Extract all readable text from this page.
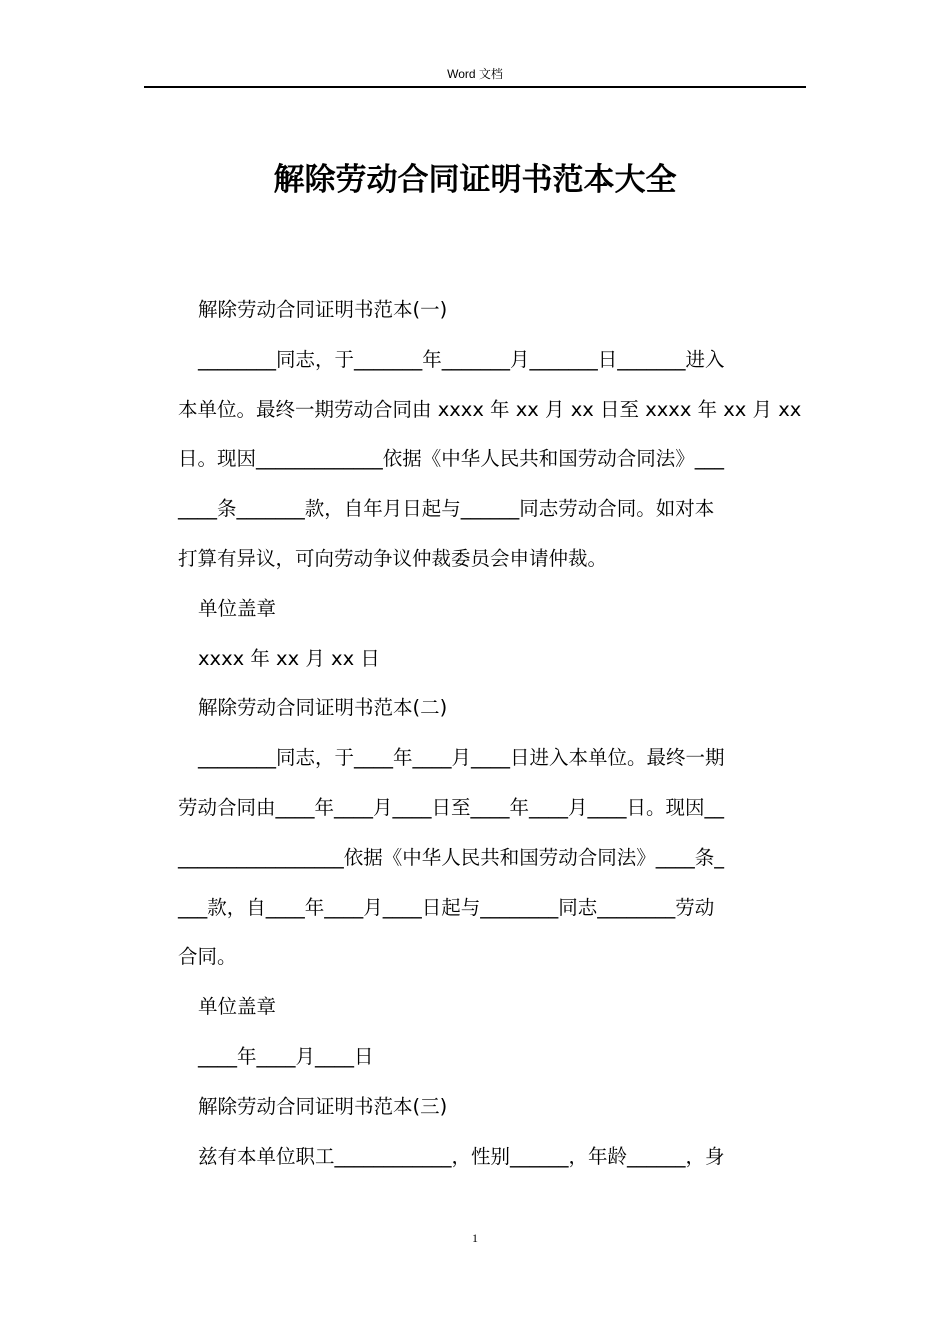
Word 文档
解除劳动合同证明书范本大全
解除劳动合同证明书范本(一)
________同志，于_______年_______月_______日_______进入
本单位。最终一期劳动合同由 xxxx 年 xx 月 xx 日至 xxxx 年 xx 月 xx
日。现因_____________依据《中华人民共和国劳动合同法》___
____条_______款，自年月日起与______同志劳动合同。如对本
打算有异议，可向劳动争议仲裁委员会申请仲裁。
单位盖章
xxxx 年 xx 月 xx 日
解除劳动合同证明书范本(二)
________同志，于____年____月____日进入本单位。最终一期
劳动合同由____年____月____日至____年____月____日。现因__
_________________依据《中华人民共和国劳动合同法》____条_
___款，自____年____月____日起与________同志________劳动
合同。
单位盖章
____年____月____日
解除劳动合同证明书范本(三)
兹有本单位职工____________，性别______，年龄______，身
1
